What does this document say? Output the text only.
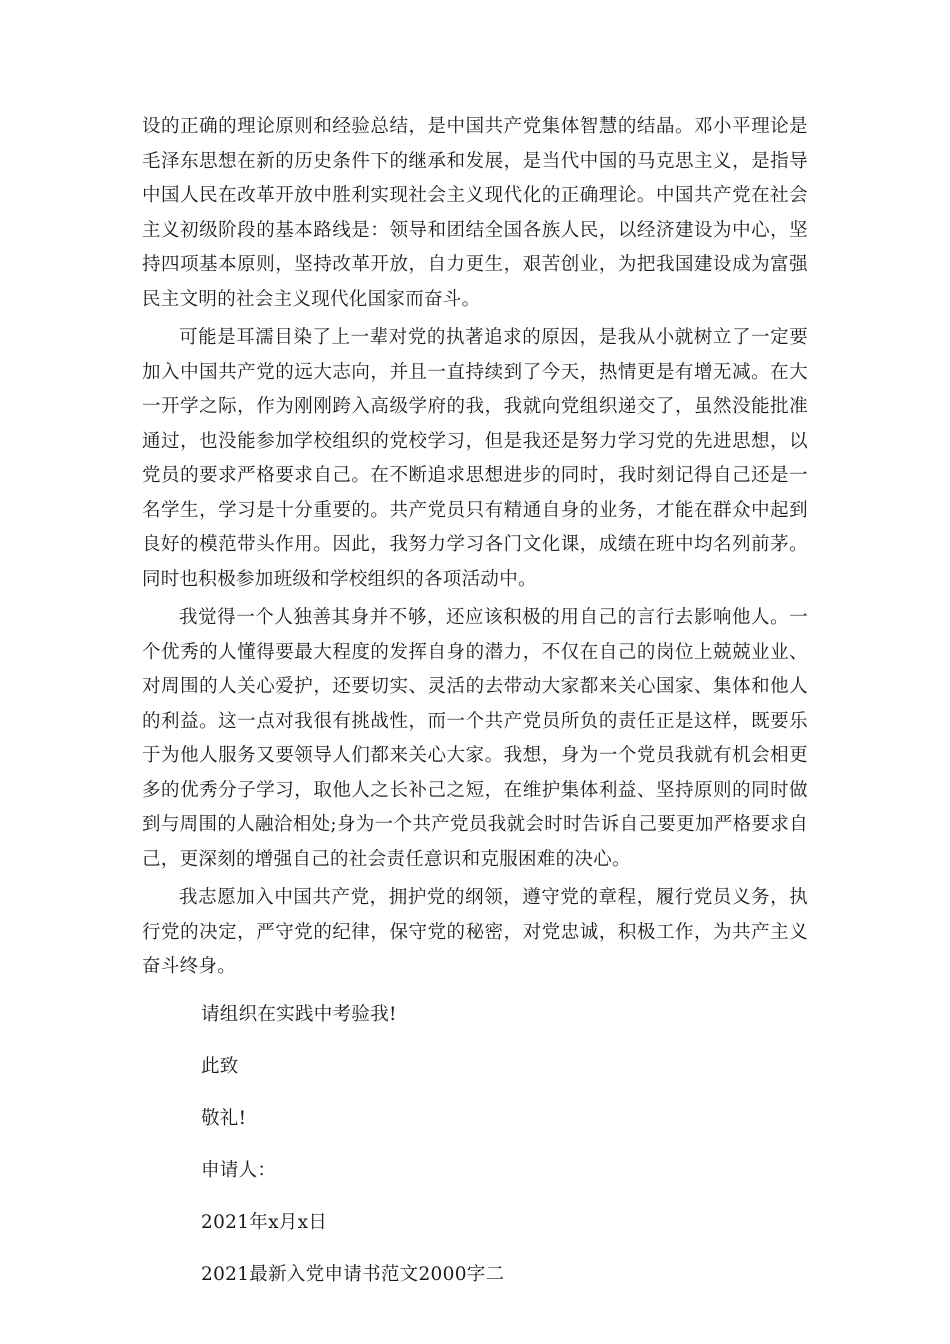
设的正确的理论原则和经验总结，是中国共产党集体智慧的结晶。邓小平理论是毛泽东思想在新的历史条件下的继承和发展，是当代中国的马克思主义，是指导中国人民在改革开放中胜利实现社会主义现代化的正确理论。中国共产党在社会主义初级阶段的基本路线是：领导和团结全国各族人民，以经济建设为中心，坚持四项基本原则，坚持改革开放，自力更生，艰苦创业，为把我国建设成为富强民主文明的社会主义现代化国家而奋斗。

可能是耳濡目染了上一辈对党的执著追求的原因，是我从小就树立了一定要加入中国共产党的远大志向，并且一直持续到了今天，热情更是有增无减。在大一开学之际，作为刚刚跨入高级学府的我，我就向党组织递交了，虽然没能批准通过，也没能参加学校组织的党校学习，但是我还是努力学习党的先进思想，以党员的要求严格要求自己。在不断追求思想进步的同时，我时刻记得自己还是一名学生，学习是十分重要的。共产党员只有精通自身的业务，才能在群众中起到良好的模范带头作用。因此，我努力学习各门文化课，成绩在班中均名列前茅。同时也积极参加班级和学校组织的各项活动中。

我觉得一个人独善其身并不够，还应该积极的用自己的言行去影响他人。一个优秀的人懂得要最大程度的发挥自身的潜力，不仅在自己的岗位上兢兢业业、对周围的人关心爱护，还要切实、灵活的去带动大家都来关心国家、集体和他人的利益。这一点对我很有挑战性，而一个共产党员所负的责任正是这样，既要乐于为他人服务又要领导人们都来关心大家。我想，身为一个党员我就有机会相更多的优秀分子学习，取他人之长补己之短，在维护集体利益、坚持原则的同时做到与周围的人融洽相处;身为一个共产党员我就会时时告诉自己要更加严格要求自己，更深刻的增强自己的社会责任意识和克服困难的决心。

我志愿加入中国共产党，拥护党的纲领，遵守党的章程，履行党员义务，执行党的决定，严守党的纪律，保守党的秘密，对党忠诚，积极工作，为共产主义奋斗终身。

请组织在实践中考验我!
此致
敬礼!
申请人：
2021年x月x日
2021最新入党申请书范文2000字二
